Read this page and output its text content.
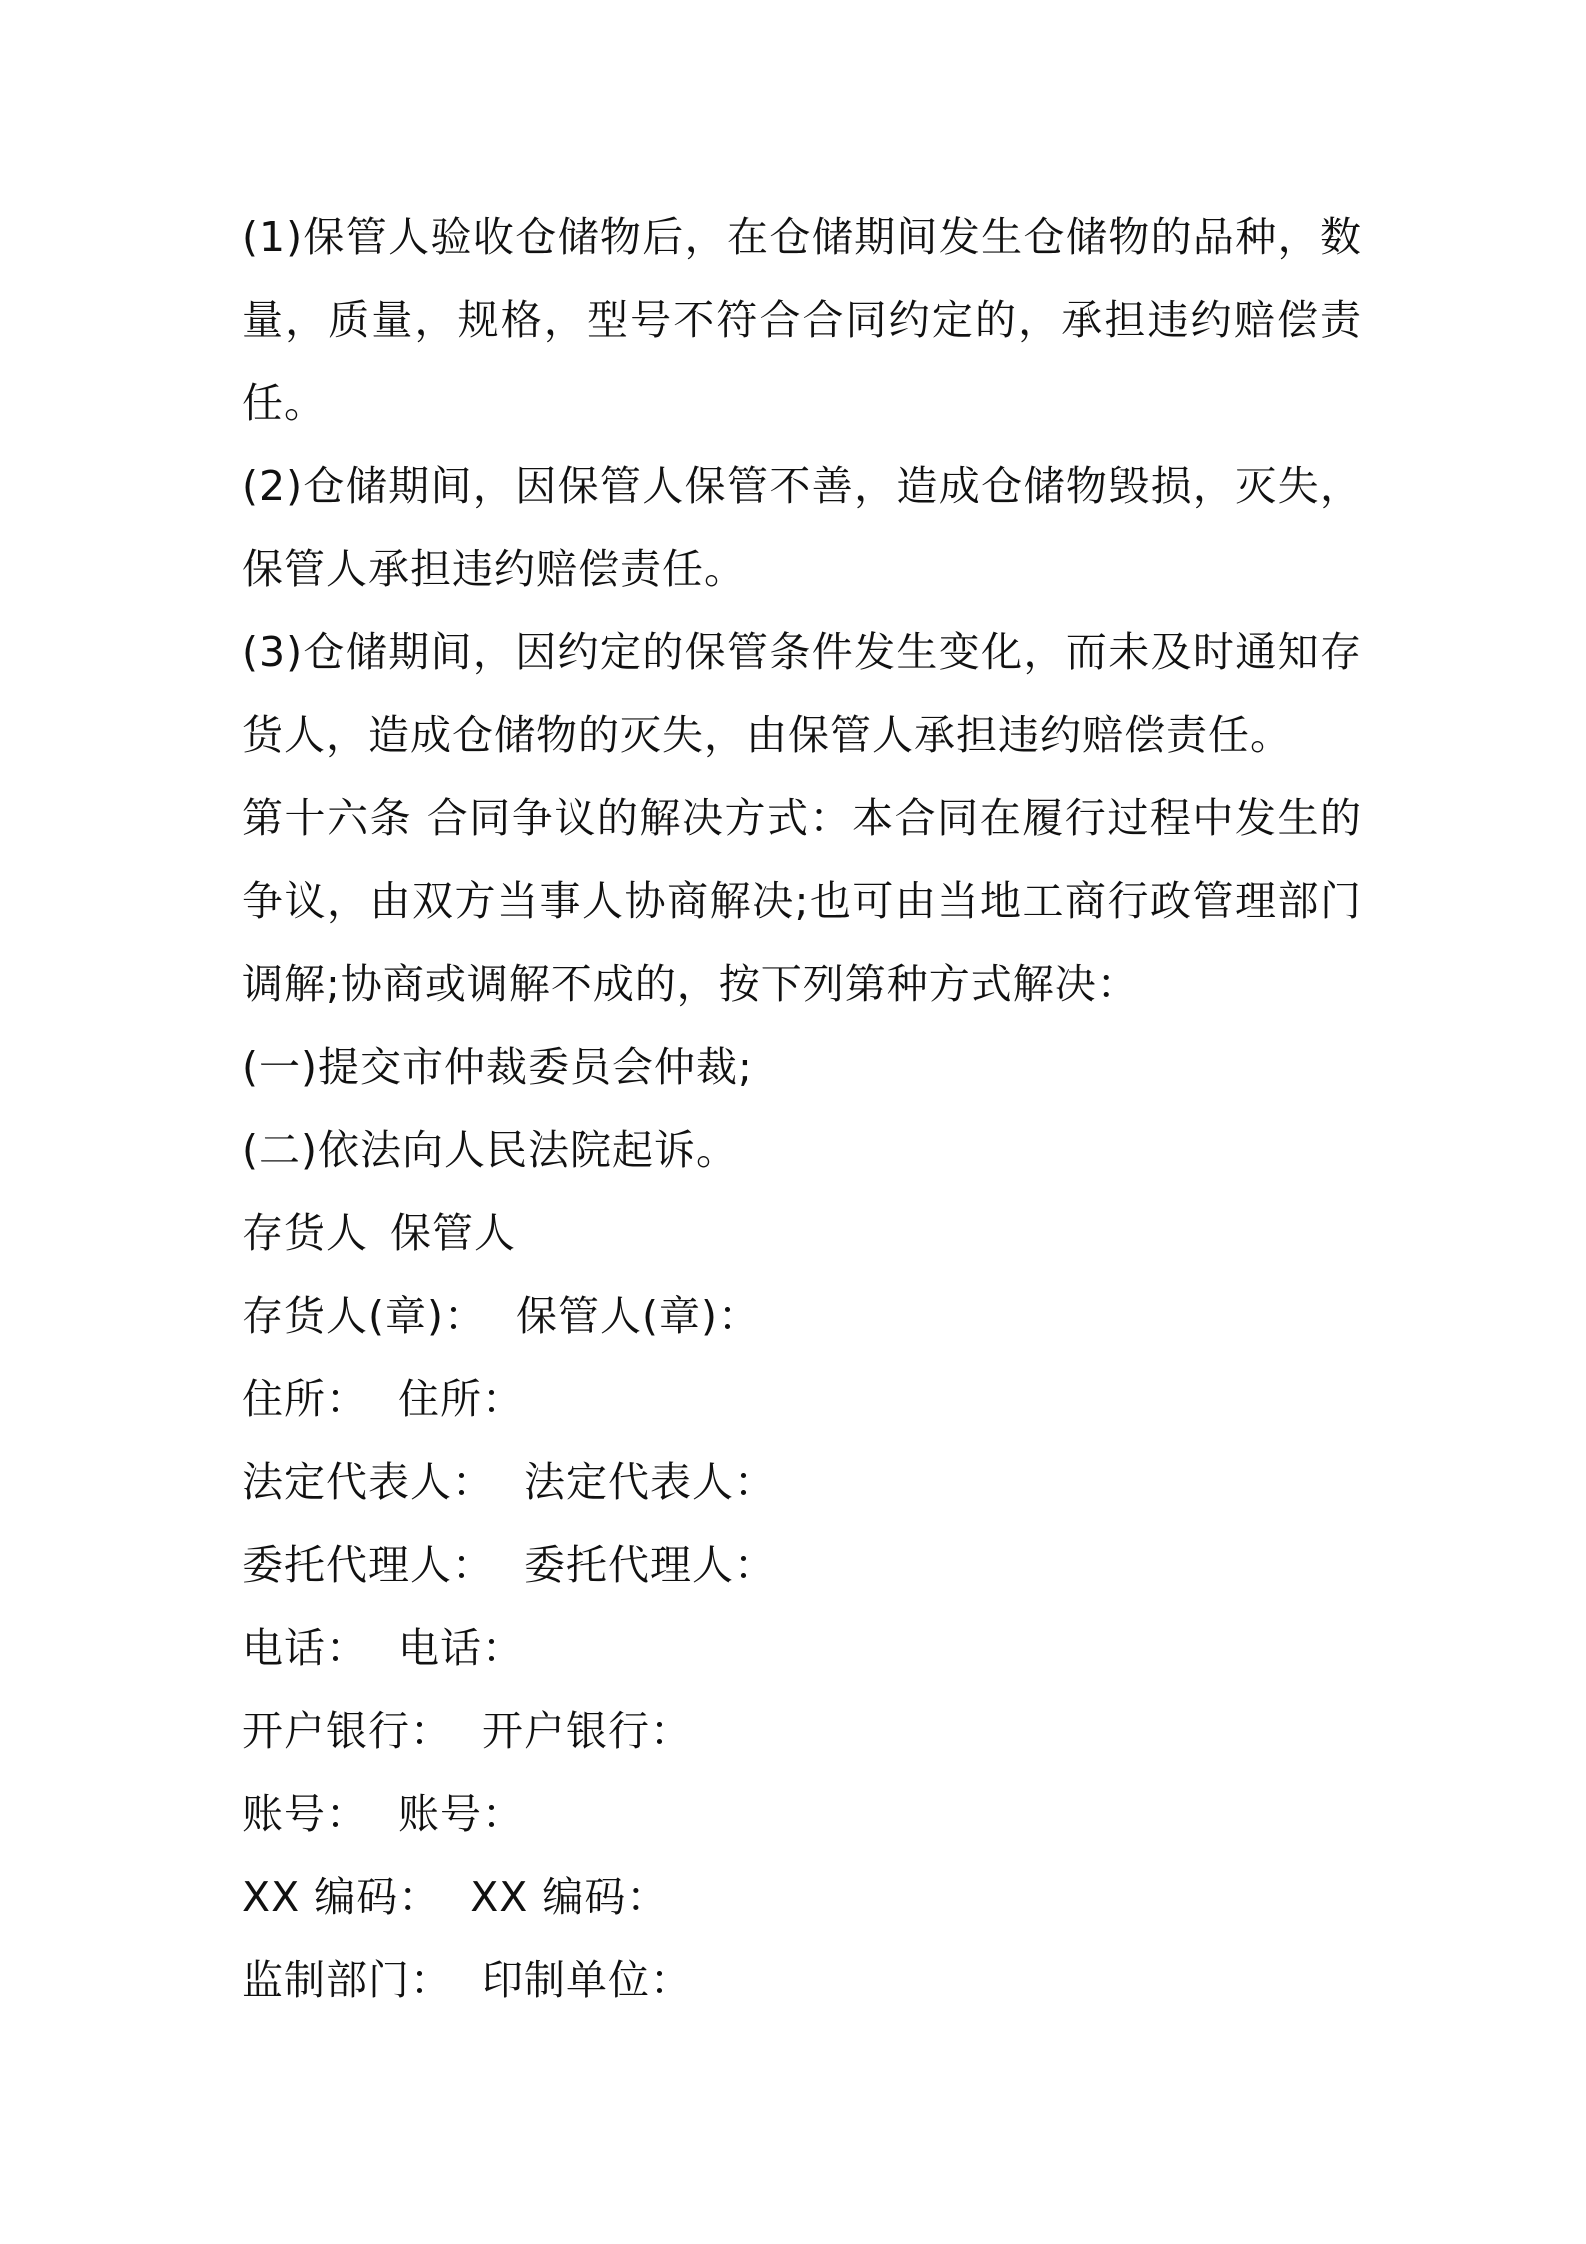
(1)保管人验收仓储物后，在仓储期间发生仓储物的品种，数量，质量，规格，型号不符合合同约定的，承担违约赔偿责任。

(2)仓储期间，因保管人保管不善，造成仓储物毁损，灭失，保管人承担违约赔偿责任。

(3)仓储期间，因约定的保管条件发生变化，而未及时通知存货人，造成仓储物的灭失，由保管人承担违约赔偿责任。

第十六条 合同争议的解决方式：本合同在履行过程中发生的争议，由双方当事人协商解决;也可由当地工商行政管理部门调解;协商或调解不成的，按下列第种方式解决：

(一)提交市仲裁委员会仲裁;

(二)依法向人民法院起诉。

存货人 保管人
存货人(章)： 保管人(章)：
住所： 住所：
法定代表人： 法定代表人：
委托代理人： 委托代理人：
电话： 电话：
开户银行： 开户银行：
账号： 账号：
XX 编码： XX 编码：
监制部门： 印制单位：
